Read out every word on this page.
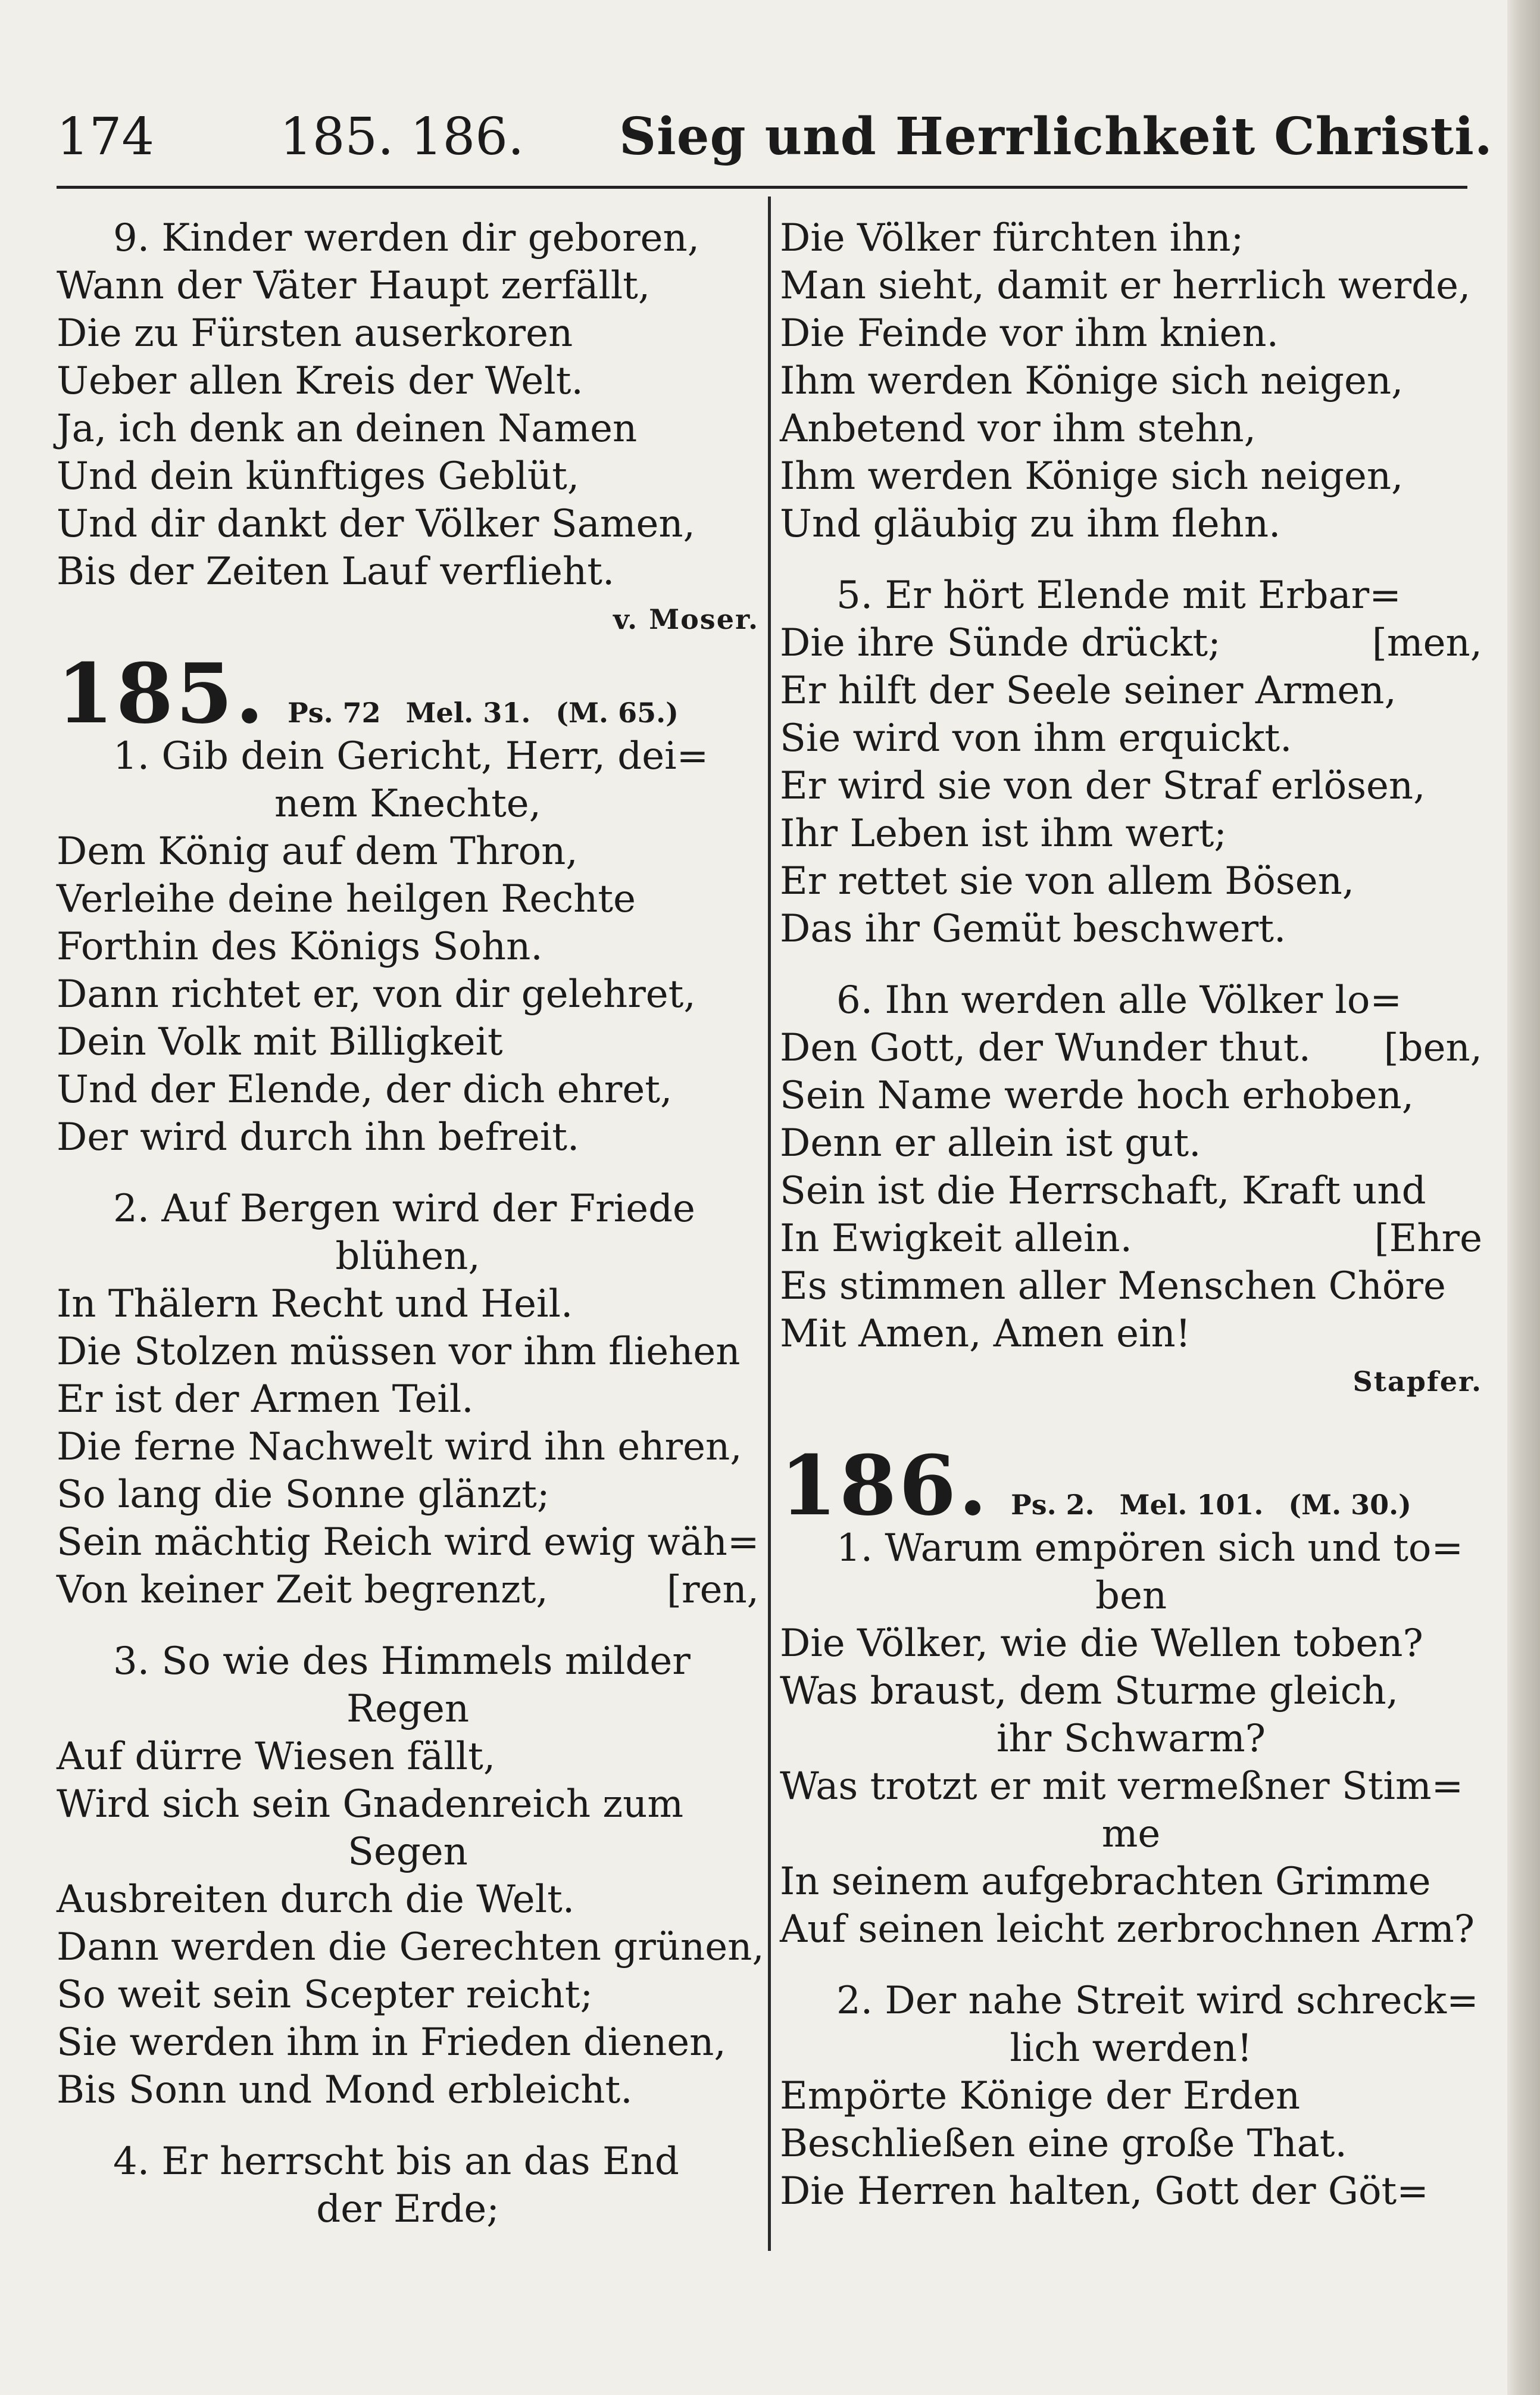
174 185. 186. Sieg und Herrlichkeit Christi.
9. Kinder werden dir geboren,
Wann der Väter Haupt zerfällt,
Die zu Fürsten auserkoren
Ueber allen Kreis der Welt.
Ja, ich denk an deinen Namen
Und dein künftiges Geblüt,
Und dir dankt der Völker Samen,
Bis der Zeiten Lauf verflieht.
v. Moser.
185. Ps. 72 Mel. 31. (M. 65.)
1. Gib dein Gericht, Herr, dei=
nem Knechte,
Dem König auf dem Thron,
Verleihe deine heilgen Rechte
Forthin des Königs Sohn.
Dann richtet er, von dir gelehret,
Dein Volk mit Billigkeit
Und der Elende, der dich ehret,
Der wird durch ihn befreit.
2. Auf Bergen wird der Friede
blühen,
In Thälern Recht und Heil.
Die Stolzen müssen vor ihm fliehen
Er ist der Armen Teil.
Die ferne Nachwelt wird ihn ehren,
So lang die Sonne glänzt;
Sein mächtig Reich wird ewig wäh=
Von keiner Zeit begrenzt,	[ren,
3. So wie des Himmels milder
Regen
Auf dürre Wiesen fällt,
Wird sich sein Gnadenreich zum
Segen
Ausbreiten durch die Welt.
Dann werden die Gerechten grünen,
So weit sein Scepter reicht;
Sie werden ihm in Frieden dienen,
Bis Sonn und Mond erbleicht.
4. Er herrscht bis an das End
der Erde;
Die Völker fürchten ihn;
Man sieht, damit er herrlich werde,
Die Feinde vor ihm knien.
Ihm werden Könige sich neigen,
Anbetend vor ihm stehn,
Ihm werden Könige sich neigen,
Und gläubig zu ihm flehn.
5. Er hört Elende mit Erbar=
Die ihre Sünde drückt;	[men,
Er hilft der Seele seiner Armen,
Sie wird von ihm erquickt.
Er wird sie von der Straf erlösen,
Ihr Leben ist ihm wert;
Er rettet sie von allem Bösen,
Das ihr Gemüt beschwert.
6. Ihn werden alle Völker lo=
Den Gott, der Wunder thut. [ben,
Sein Name werde hoch erhoben,
Denn er allein ist gut.
Sein ist die Herrschaft, Kraft und
In Ewigkeit allein.	[Ehre
Es stimmen aller Menschen Chöre
Mit Amen, Amen ein!
Stapfer.
186. Ps. 2. Mel. 101. (M. 30.)
1. Warum empören sich und to=
ben
Die Völker, wie die Wellen toben?
Was braust, dem Sturme gleich,
ihr Schwarm?
Was trotzt er mit vermeßner Stim=
me
In seinem aufgebrachten Grimme
Auf seinen leicht zerbrochnen Arm?
2. Der nahe Streit wird schreck=
lich werden!
Empörte Könige der Erden
Beschließen eine große That.
Die Herren halten, Gott der Göt=
